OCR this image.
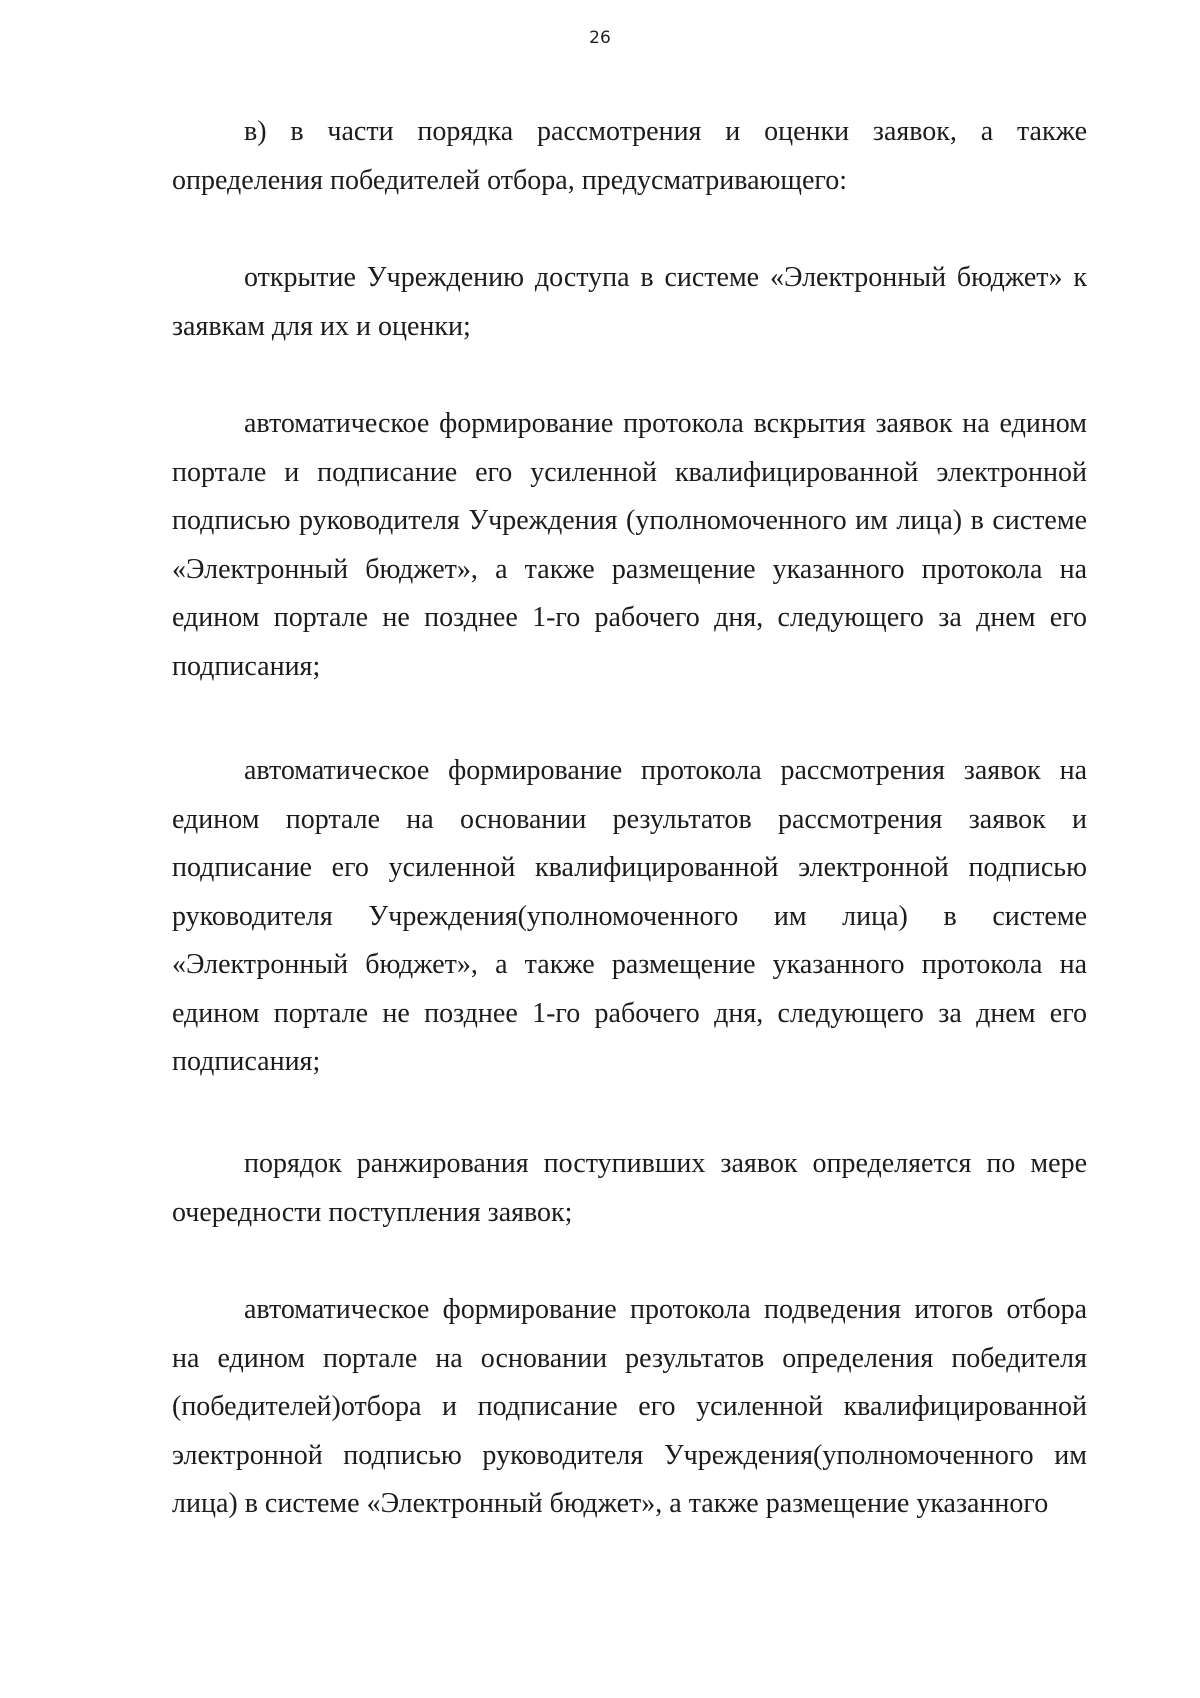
26

в) в части порядка рассмотрения и оценки заявок, а также определения победителей отбора, предусматривающего:

открытие Учреждению доступа в системе «Электронный бюджет» к заявкам для их и оценки;

автоматическое формирование протокола вскрытия заявок на едином портале и подписание его усиленной квалифицированной электронной подписью руководителя Учреждения (уполномоченного им лица) в системе «Электронный бюджет», а также размещение указанного протокола на едином портале не позднее 1-го рабочего дня, следующего за днем его подписания;

автоматическое формирование протокола рассмотрения заявок на едином портале на основании результатов рассмотрения заявок и подписание его усиленной квалифицированной электронной подписью руководителя Учреждения(уполномоченного им лица) в системе «Электронный бюджет», а также размещение указанного протокола на едином портале не позднее 1-го рабочего дня, следующего за днем его подписания;

порядок ранжирования поступивших заявок определяется по мере очередности поступления заявок;

автоматическое формирование протокола подведения итогов отбора на едином портале на основании результатов определения победителя (победителей)отбора и подписание его усиленной квалифицированной электронной подписью руководителя Учреждения(уполномоченного им лица) в системе «Электронный бюджет», а также размещение указанного
